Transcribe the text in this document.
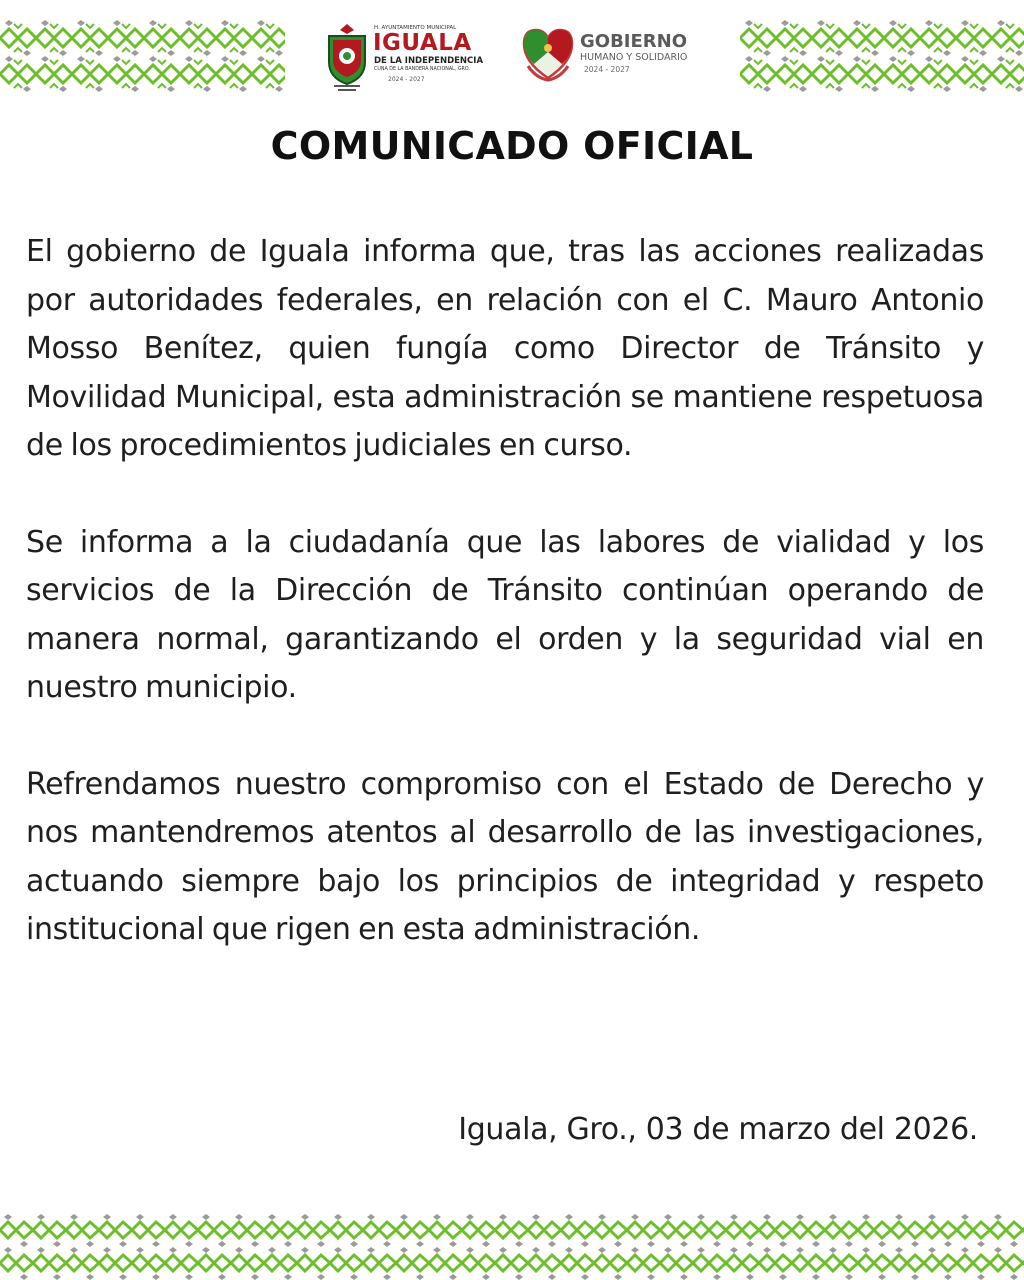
H. AYUNTAMIENTO MUNICIPAL
IGUALA
DE LA INDEPENDENCIA
CUNA DE LA BANDERA NACIONAL, GRO.
2024 - 2027
GOBIERNO
HUMANO Y SOLIDARIO
2024 - 2027
COMUNICADO OFICIAL

El gobierno de Iguala informa que, tras las acciones realizadas por autoridades federales, en relación con el C. Mauro Antonio Mosso Benítez, quien fungía como Director de Tránsito y Movilidad Municipal, esta administración se mantiene respetuosa de los procedimientos judiciales en curso.

Se informa a la ciudadanía que las labores de vialidad y los servicios de la Dirección de Tránsito continúan operando de manera normal, garantizando el orden y la seguridad vial en nuestro municipio.

Refrendamos nuestro compromiso con el Estado de Derecho y nos mantendremos atentos al desarrollo de las investigaciones, actuando siempre bajo los principios de integridad y respeto institucional que rigen en esta administración.

Iguala, Gro., 03 de marzo del 2026.
